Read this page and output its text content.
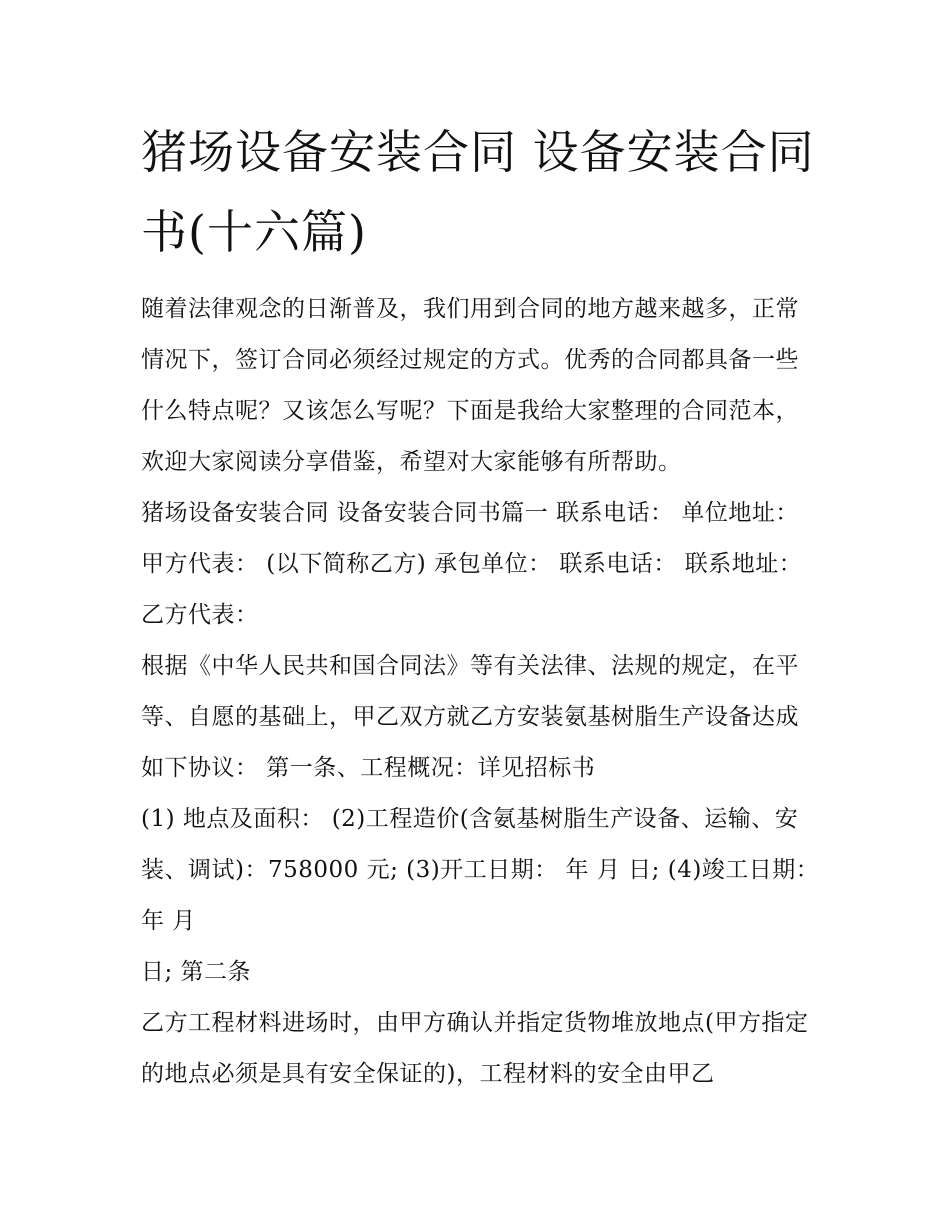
猪场设备安装合同 设备安装合同书(十六篇)

随着法律观念的日渐普及，我们用到合同的地方越来越多，正常情况下，签订合同必须经过规定的方式。优秀的合同都具备一些什么特点呢？又该怎么写呢？下面是我给大家整理的合同范本，欢迎大家阅读分享借鉴，希望对大家能够有所帮助。

猪场设备安装合同 设备安装合同书篇一 联系电话： 单位地址： 甲方代表： (以下简称乙方) 承包单位： 联系电话： 联系地址： 乙方代表：

根据《中华人民共和国合同法》等有关法律、法规的规定，在平等、自愿的基础上，甲乙双方就乙方安装氨基树脂生产设备达成如下协议： 第一条、工程概况：详见招标书

(1) 地点及面积： (2)工程造价(含氨基树脂生产设备、运输、安装、调试)：758000 元; (3)开工日期： 年 月 日; (4)竣工日期： 年 月

日; 第二条

乙方工程材料进场时，由甲方确认并指定货物堆放地点(甲方指定的地点必须是具有安全保证的)，工程材料的安全由甲乙
